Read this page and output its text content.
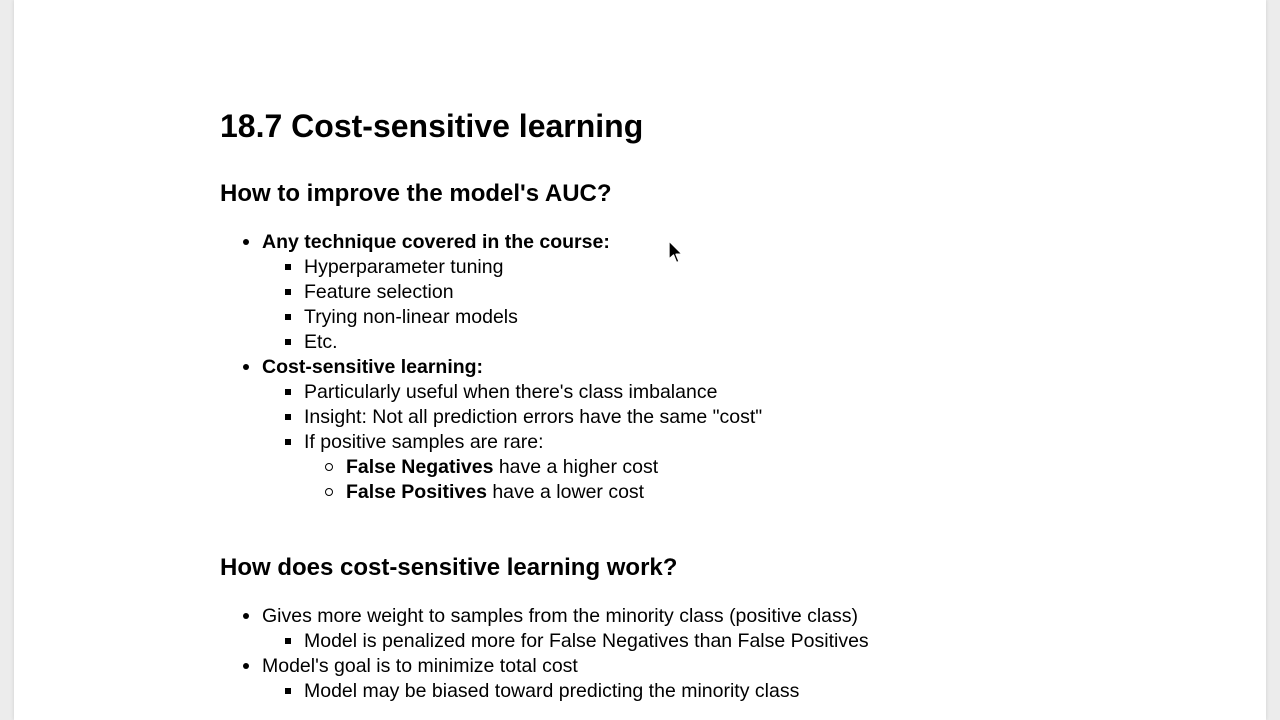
18.7 Cost-sensitive learning
How to improve the model's AUC?
Any technique covered in the course:
Hyperparameter tuning
Feature selection
Trying non-linear models
Etc.
Cost-sensitive learning:
Particularly useful when there's class imbalance
Insight: Not all prediction errors have the same "cost"
If positive samples are rare:
False Negatives have a higher cost
False Positives have a lower cost
How does cost-sensitive learning work?
Gives more weight to samples from the minority class (positive class)
Model is penalized more for False Negatives than False Positives
Model's goal is to minimize total cost
Model may be biased toward predicting the minority class
